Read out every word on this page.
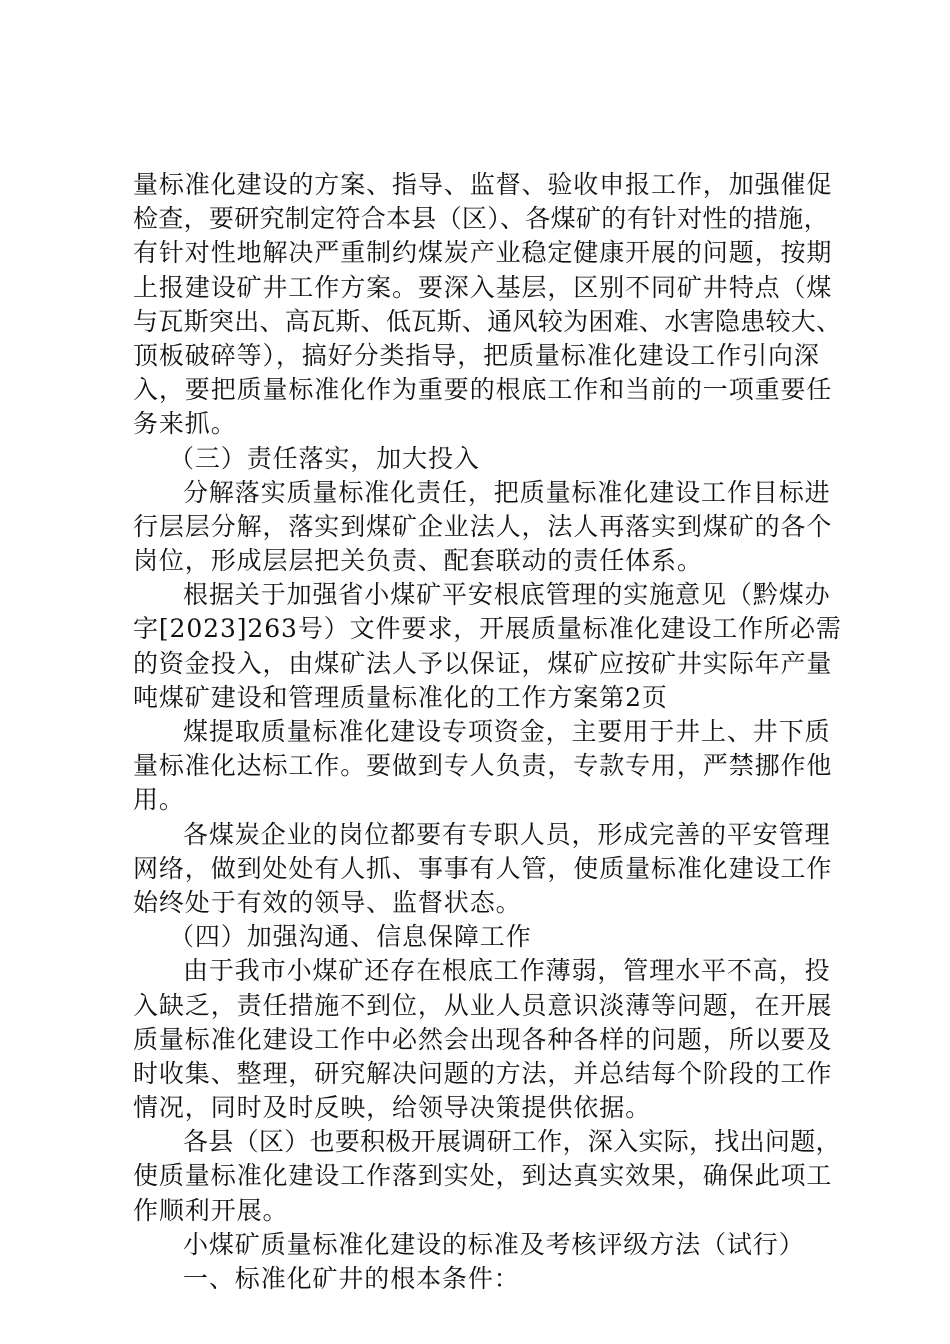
量标准化建设的方案、指导、监督、验收申报工作，加强催促
检查，要研究制定符合本县（区）、各煤矿的有针对性的措施，
有针对性地解决严重制约煤炭产业稳定健康开展的问题，按期
上报建设矿井工作方案。要深入基层，区别不同矿井特点（煤
与瓦斯突出、高瓦斯、低瓦斯、通风较为困难、水害隐患较大、
顶板破碎等），搞好分类指导，把质量标准化建设工作引向深
入，要把质量标准化作为重要的根底工作和当前的一项重要任
务来抓。
（三）责任落实，加大投入
分解落实质量标准化责任，把质量标准化建设工作目标进
行层层分解，落实到煤矿企业法人，法人再落实到煤矿的各个
岗位，形成层层把关负责、配套联动的责任体系。
根据关于加强省小煤矿平安根底管理的实施意见（黔煤办
字[2023]263号）文件要求，开展质量标准化建设工作所必需
的资金投入，由煤矿法人予以保证，煤矿应按矿井实际年产量
吨煤矿建设和管理质量标准化的工作方案第2页
煤提取质量标准化建设专项资金，主要用于井上、井下质
量标准化达标工作。要做到专人负责，专款专用，严禁挪作他
用。
各煤炭企业的岗位都要有专职人员，形成完善的平安管理
网络，做到处处有人抓、事事有人管，使质量标准化建设工作
始终处于有效的领导、监督状态。
（四）加强沟通、信息保障工作
由于我市小煤矿还存在根底工作薄弱，管理水平不高，投
入缺乏，责任措施不到位，从业人员意识淡薄等问题，在开展
质量标准化建设工作中必然会出现各种各样的问题，所以要及
时收集、整理，研究解决问题的方法，并总结每个阶段的工作
情况，同时及时反映，给领导决策提供依据。
各县（区）也要积极开展调研工作，深入实际，找出问题，
使质量标准化建设工作落到实处，到达真实效果，确保此项工
作顺利开展。
小煤矿质量标准化建设的标准及考核评级方法（试行）
一、标准化矿井的根本条件：
